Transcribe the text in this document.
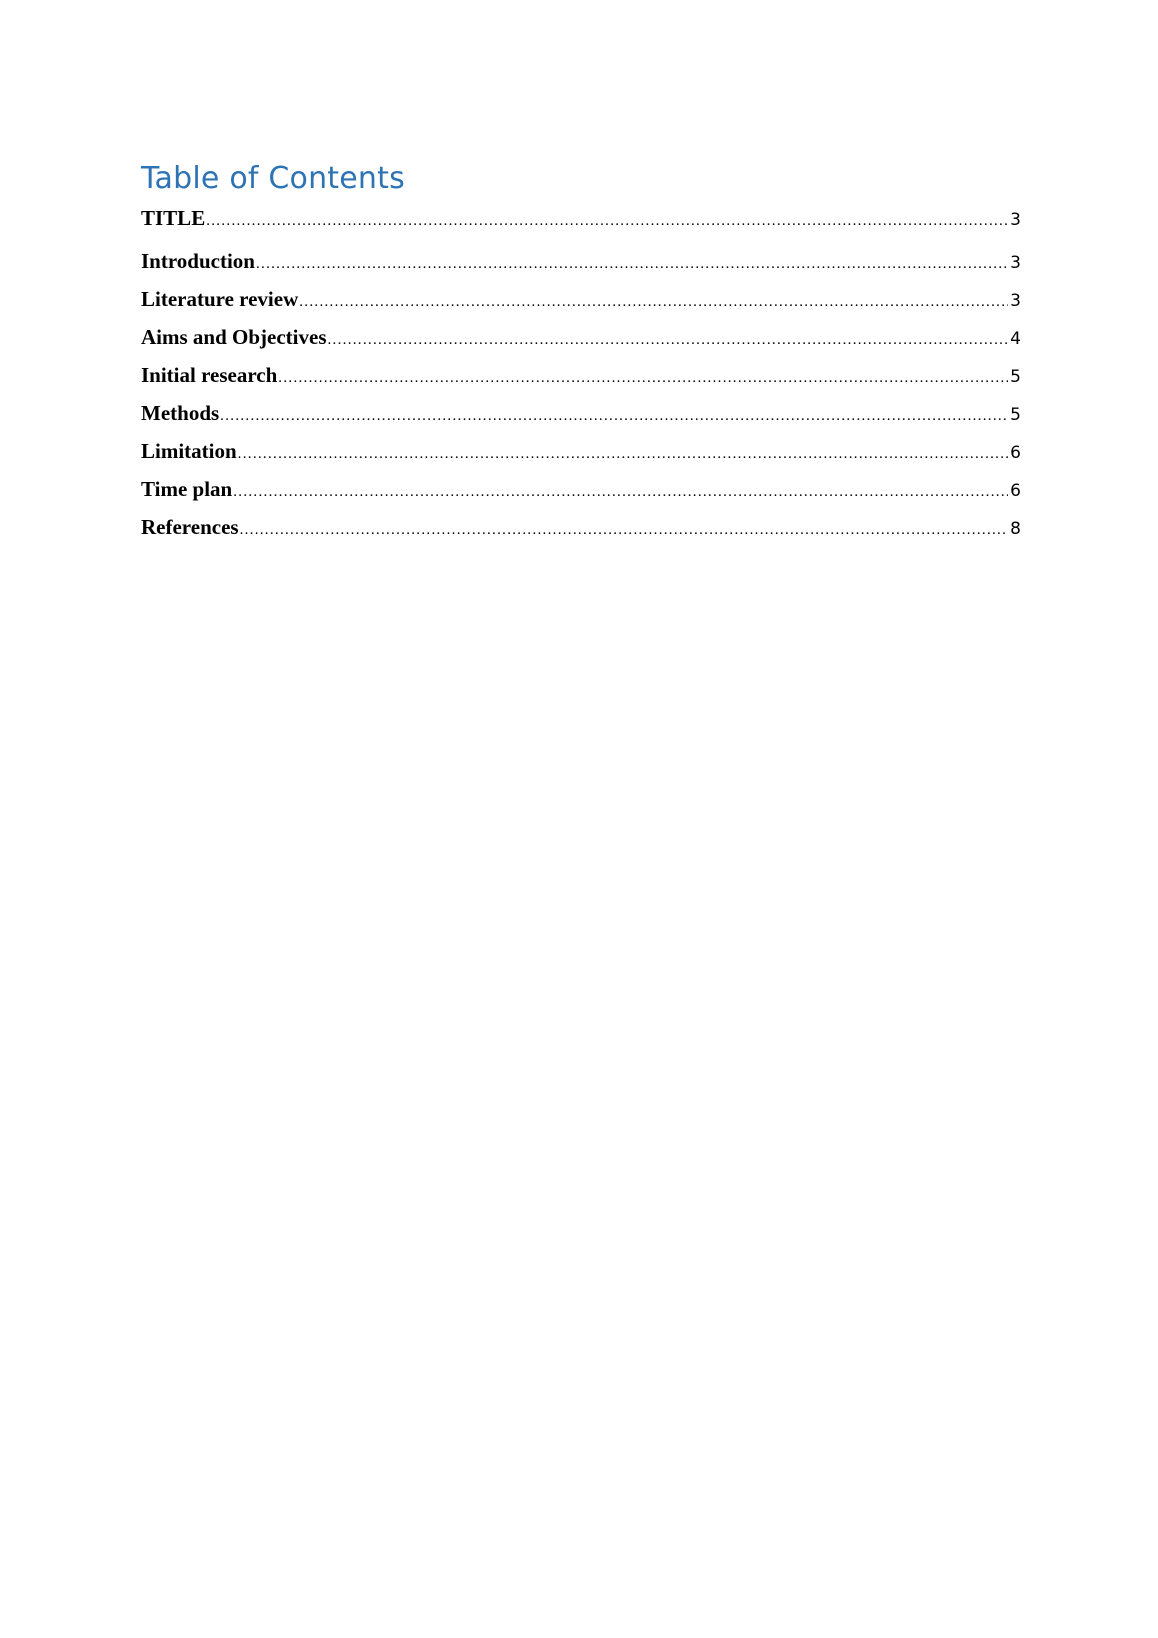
Table of Contents
TITLE .....	3
Introduction .....	3
Literature review .....	3
Aims and Objectives .....	4
Initial research .....	5
Methods .....	5
Limitation .....	6
Time plan .....	6
References .....	8
